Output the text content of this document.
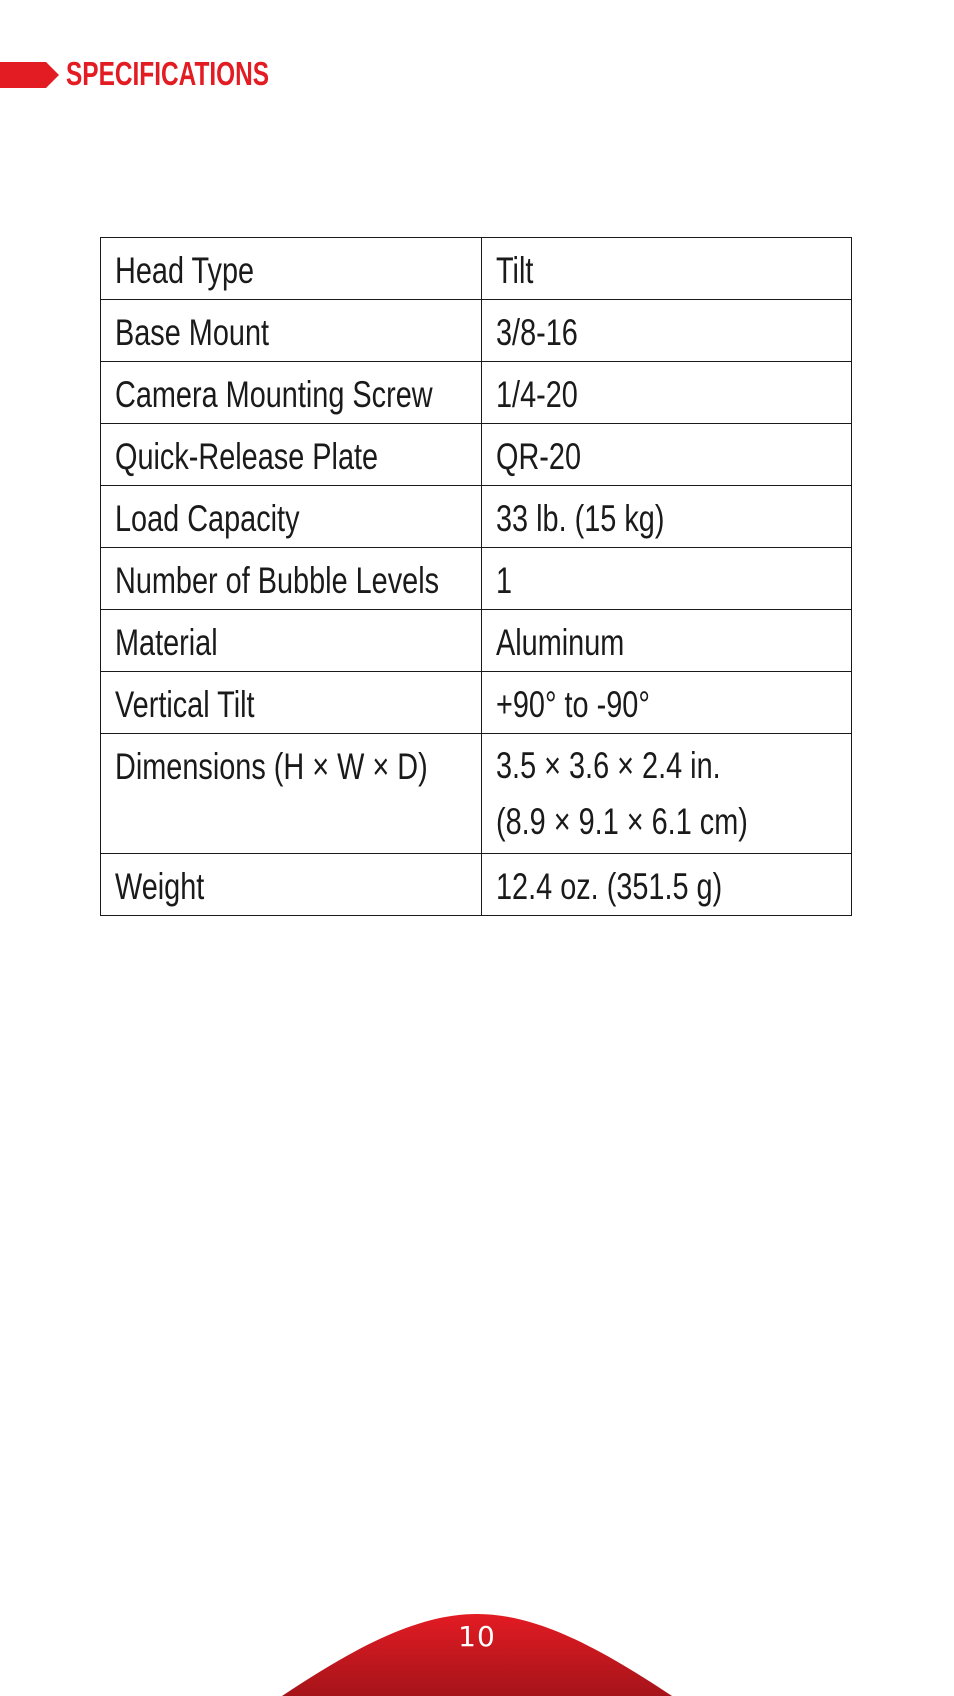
SPECIFICATIONS
Head Type	Tilt

Base Mount	3/8-16

Camera Mounting Screw	1/4-20

Quick-Release Plate	QR-20

Load Capacity	33 lb. (15 kg)

Number of Bubble Levels	1

Material	Aluminum

Vertical Tilt	+90° to -90°

Dimensions (H × W × D)	3.5 × 3.6 × 2.4 in.
(8.9 × 9.1 × 6.1 cm)

Weight	12.4 oz. (351.5 g)
10
